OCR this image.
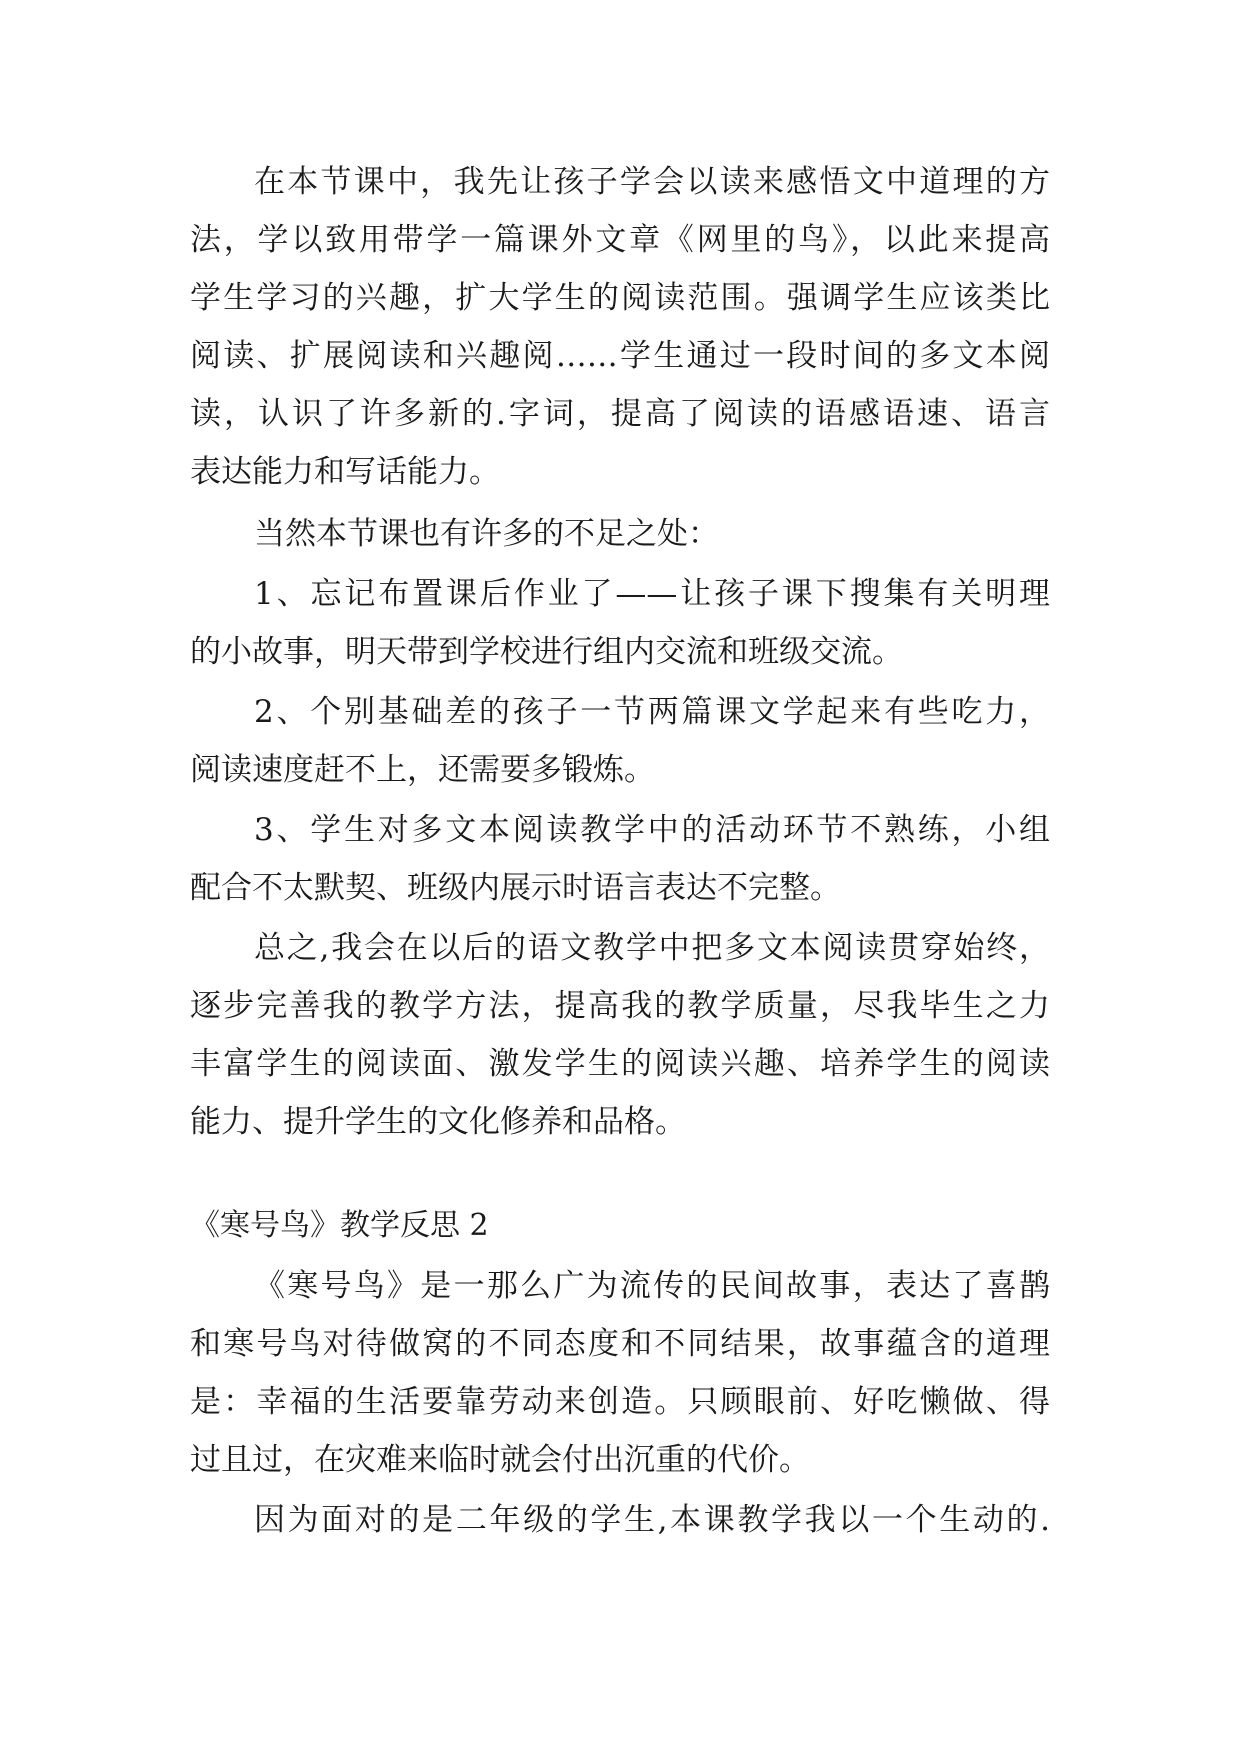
在本节课中，我先让孩子学会以读来感悟文中道理的方
法，学以致用带学一篇课外文章《网里的鸟》，以此来提高
学生学习的兴趣，扩大学生的阅读范围。强调学生应该类比
阅读、扩展阅读和兴趣阅……学生通过一段时间的多文本阅
读，认识了许多新的.字词，提高了阅读的语感语速、语言
表达能力和写话能力。
当然本节课也有许多的不足之处：
1、忘记布置课后作业了——让孩子课下搜集有关明理
的小故事，明天带到学校进行组内交流和班级交流。
2、个别基础差的孩子一节两篇课文学起来有些吃力，
阅读速度赶不上，还需要多锻炼。
3、学生对多文本阅读教学中的活动环节不熟练，小组
配合不太默契、班级内展示时语言表达不完整。
总之,我会在以后的语文教学中把多文本阅读贯穿始终，
逐步完善我的教学方法，提高我的教学质量，尽我毕生之力
丰富学生的阅读面、激发学生的阅读兴趣、培养学生的阅读
能力、提升学生的文化修养和品格。
《寒号鸟》教学反思 2
《寒号鸟》是一那么广为流传的民间故事，表达了喜鹊
和寒号鸟对待做窝的不同态度和不同结果，故事蕴含的道理
是：幸福的生活要靠劳动来创造。只顾眼前、好吃懒做、得
过且过，在灾难来临时就会付出沉重的代价。
因为面对的是二年级的学生,本课教学我以一个生动的.
